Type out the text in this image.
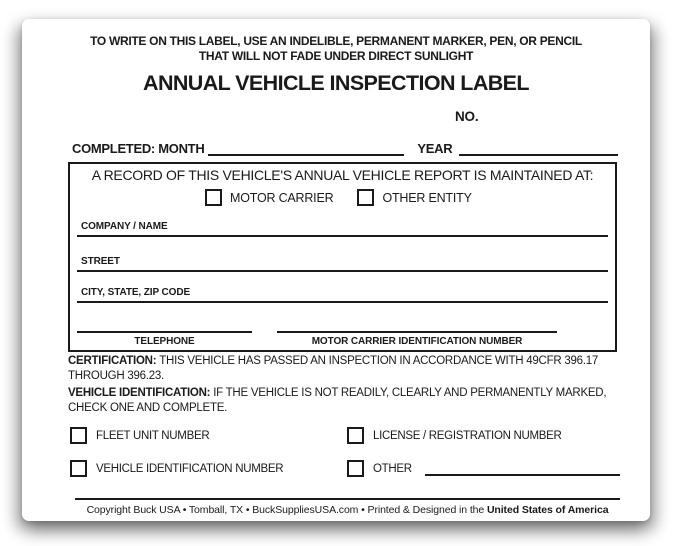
TO WRITE ON THIS LABEL, USE AN INDELIBLE, PERMANENT MARKER, PEN, OR PENCIL
THAT WILL NOT FADE UNDER DIRECT SUNLIGHT
ANNUAL VEHICLE INSPECTION LABEL
NO.
COMPLETED: MONTH	YEAR
A RECORD OF THIS VEHICLE'S ANNUAL VEHICLE REPORT IS MAINTAINED AT:
MOTOR CARRIER	OTHER ENTITY
COMPANY / NAME
STREET
CITY, STATE, ZIP CODE
TELEPHONE	MOTOR CARRIER IDENTIFICATION NUMBER

CERTIFICATION: THIS VEHICLE HAS PASSED AN INSPECTION IN ACCORDANCE WITH 49CFR 396.17
THROUGH 396.23.

VEHICLE IDENTIFICATION: IF THE VEHICLE IS NOT READILY, CLEARLY AND PERMANENTLY MARKED,
CHECK ONE AND COMPLETE.

FLEET UNIT NUMBER	LICENSE / REGISTRATION NUMBER
VEHICLE IDENTIFICATION NUMBER	OTHER
Copyright Buck USA • Tomball, TX • BuckSuppliesUSA.com • Printed & Designed in the United States of America
